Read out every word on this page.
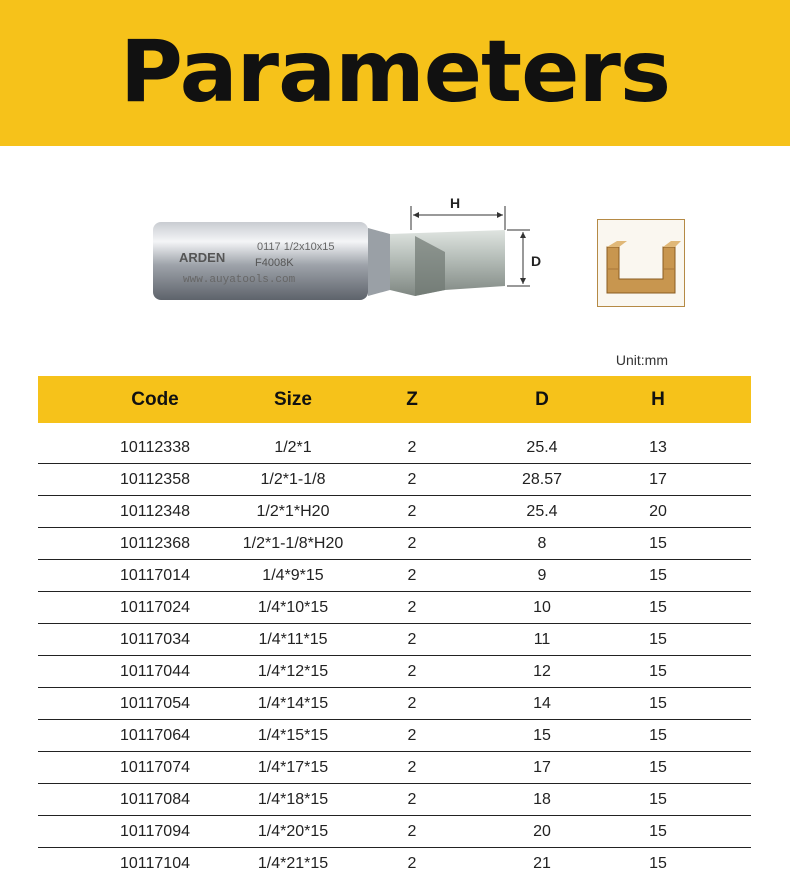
Parameters
ARDEN
0117 1/2x10x15
F4008K
www.auyatools.com
H
D
Unit:mm
Code	Size	Z	D	H
10112338	1/2*1	2	25.4	13
10112358	1/2*1-1/8	2	28.57	17
10112348	1/2*1*H20	2	25.4	20
10112368	1/2*1-1/8*H20	2	8	15
10117014	1/4*9*15	2	9	15
10117024	1/4*10*15	2	10	15
10117034	1/4*11*15	2	11	15
10117044	1/4*12*15	2	12	15
10117054	1/4*14*15	2	14	15
10117064	1/4*15*15	2	15	15
10117074	1/4*17*15	2	17	15
10117084	1/4*18*15	2	18	15
10117094	1/4*20*15	2	20	15
10117104	1/4*21*15	2	21	15
